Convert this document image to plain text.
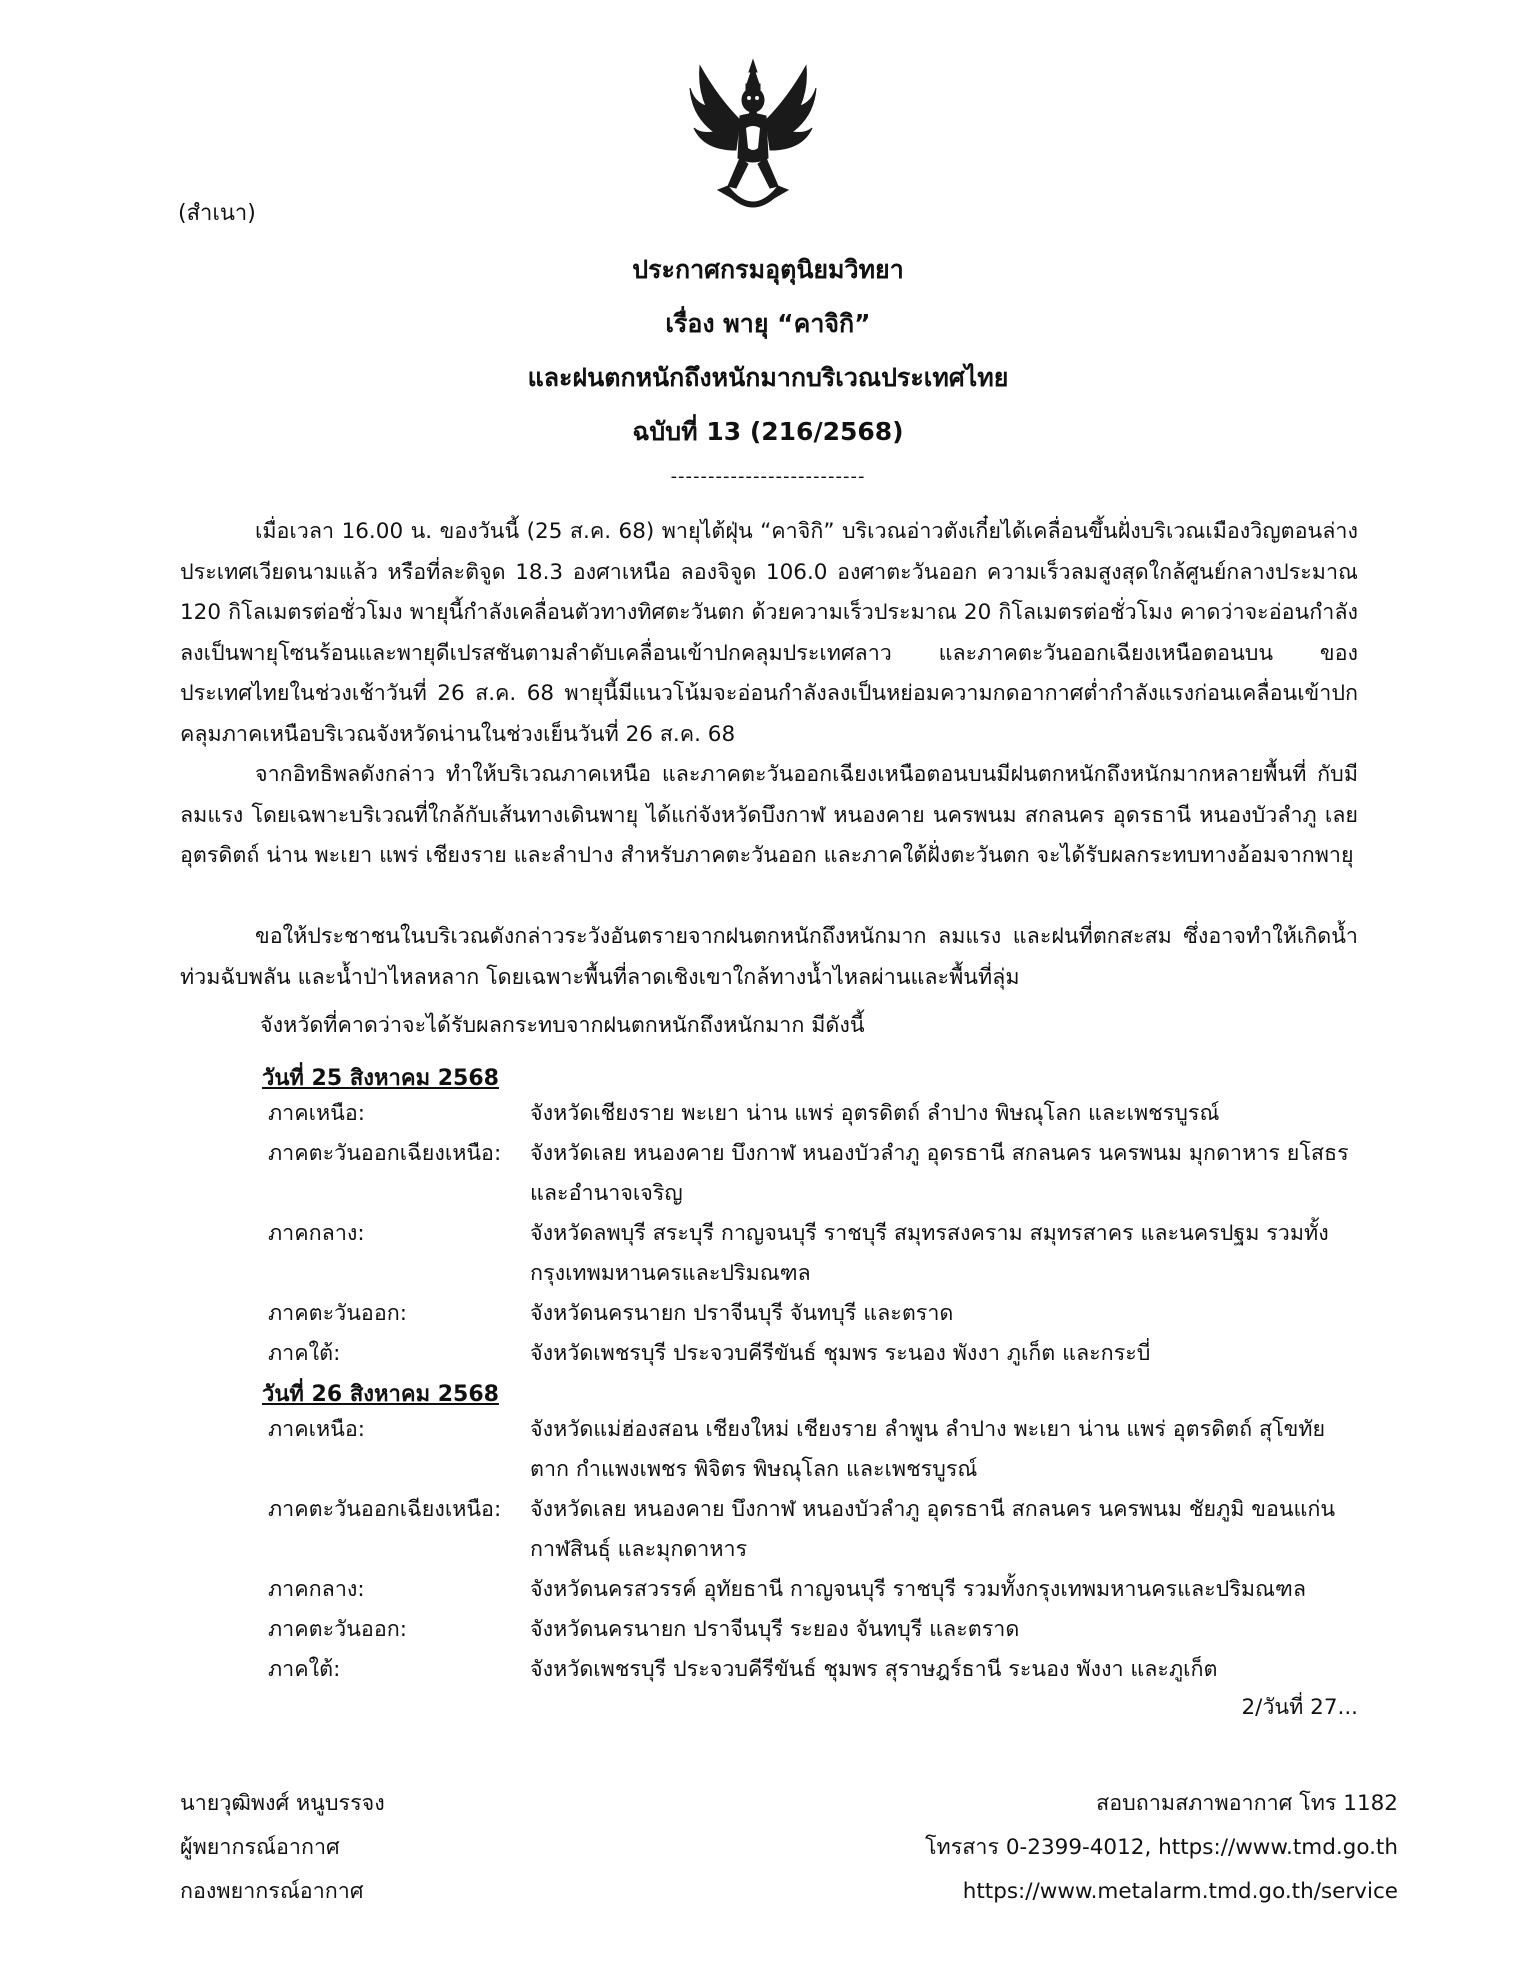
(สำเนา)
ประกาศกรมอุตุนิยมวิทยา
เรื่อง พายุ “คาจิกิ”
และฝนตกหนักถึงหนักมากบริเวณประเทศไทย
ฉบับที่ 13 (216/2568)
--------------------------

เมื่อเวลา 16.00 น. ของวันนี้ (25 ส.ค. 68) พายุไต้ฝุ่น “คาจิกิ” บริเวณอ่าวตังเกี๋ยได้เคลื่อนขึ้นฝั่งบริเวณเมืองวิญตอนล่าง ประเทศเวียดนามแล้ว หรือที่ละติจูด 18.3 องศาเหนือ ลองจิจูด 106.0 องศาตะวันออก ความเร็วลมสูงสุดใกล้ศูนย์กลางประมาณ 120 กิโลเมตรต่อชั่วโมง พายุนี้กำลังเคลื่อนตัวทางทิศตะวันตก ด้วยความเร็วประมาณ 20 กิโลเมตรต่อชั่วโมง คาดว่าจะอ่อนกำลังลงเป็นพายุโซนร้อนและพายุดีเปรสชันตามลำดับเคลื่อนเข้าปกคลุมประเทศลาว และภาคตะวันออกเฉียงเหนือตอนบน ของประเทศไทยในช่วงเช้าวันที่ 26 ส.ค. 68 พายุนี้มีแนวโน้มจะอ่อนกำลังลงเป็นหย่อมความกดอากาศต่ำกำลังแรงก่อนเคลื่อนเข้าปกคลุมภาคเหนือบริเวณจังหวัดน่านในช่วงเย็นวันที่ 26 ส.ค. 68

จากอิทธิพลดังกล่าว ทำให้บริเวณภาคเหนือ และภาคตะวันออกเฉียงเหนือตอนบนมีฝนตกหนักถึงหนักมากหลายพื้นที่ กับมีลมแรง โดยเฉพาะบริเวณที่ใกล้กับเส้นทางเดินพายุ ได้แก่จังหวัดบึงกาฬ หนองคาย นครพนม สกลนคร อุดรธานี หนองบัวลำภู เลย อุตรดิตถ์ น่าน พะเยา แพร่ เชียงราย และลำปาง สำหรับภาคตะวันออก และภาคใต้ฝั่งตะวันตก จะได้รับผลกระทบทางอ้อมจากพายุ

ขอให้ประชาชนในบริเวณดังกล่าวระวังอันตรายจากฝนตกหนักถึงหนักมาก ลมแรง และฝนที่ตกสะสม ซึ่งอาจทำให้เกิดน้ำท่วมฉับพลัน และน้ำป่าไหลหลาก โดยเฉพาะพื้นที่ลาดเชิงเขาใกล้ทางน้ำไหลผ่านและพื้นที่ลุ่ม

จังหวัดที่คาดว่าจะได้รับผลกระทบจากฝนตกหนักถึงหนักมาก มีดังนี้
วันที่ 25 สิงหาคม 2568
ภาคเหนือ:	จังหวัดเชียงราย พะเยา น่าน แพร่ อุตรดิตถ์ ลำปาง พิษณุโลก และเพชรบูรณ์
ภาคตะวันออกเฉียงเหนือ: จังหวัดเลย หนองคาย บึงกาฬ หนองบัวลำภู อุดรธานี สกลนคร นครพนม มุกดาหาร ยโสธร และอำนาจเจริญ
ภาคกลาง:	จังหวัดลพบุรี สระบุรี กาญจนบุรี ราชบุรี สมุทรสงคราม สมุทรสาคร และนครปฐม รวมทั้งกรุงเทพมหานครและปริมณฑล
ภาคตะวันออก:	จังหวัดนครนายก ปราจีนบุรี จันทบุรี และตราด
ภาคใต้:	จังหวัดเพชรบุรี ประจวบคีรีขันธ์ ชุมพร ระนอง พังงา ภูเก็ต และกระบี่
วันที่ 26 สิงหาคม 2568
ภาคเหนือ:	จังหวัดแม่ฮ่องสอน เชียงใหม่ เชียงราย ลำพูน ลำปาง พะเยา น่าน แพร่ อุตรดิตถ์ สุโขทัย ตาก กำแพงเพชร พิจิตร พิษณุโลก และเพชรบูรณ์
ภาคตะวันออกเฉียงเหนือ: จังหวัดเลย หนองคาย บึงกาฬ หนองบัวลำภู อุดรธานี สกลนคร นครพนม ชัยภูมิ ขอนแก่น กาฬสินธุ์ และมุกดาหาร
ภาคกลาง:	จังหวัดนครสวรรค์ อุทัยธานี กาญจนบุรี ราชบุรี รวมทั้งกรุงเทพมหานครและปริมณฑล
ภาคตะวันออก:	จังหวัดนครนายก ปราจีนบุรี ระยอง จันทบุรี และตราด
ภาคใต้:	จังหวัดเพชรบุรี ประจวบคีรีขันธ์ ชุมพร สุราษฎร์ธานี ระนอง พังงา และภูเก็ต
2/วันที่ 27...
นายวุฒิพงศ์ หนูบรรจง
ผู้พยากรณ์อากาศ
กองพยากรณ์อากาศ
สอบถามสภาพอากาศ โทร 1182
โทรสาร 0-2399-4012, https://www.tmd.go.th
https://www.metalarm.tmd.go.th/service
